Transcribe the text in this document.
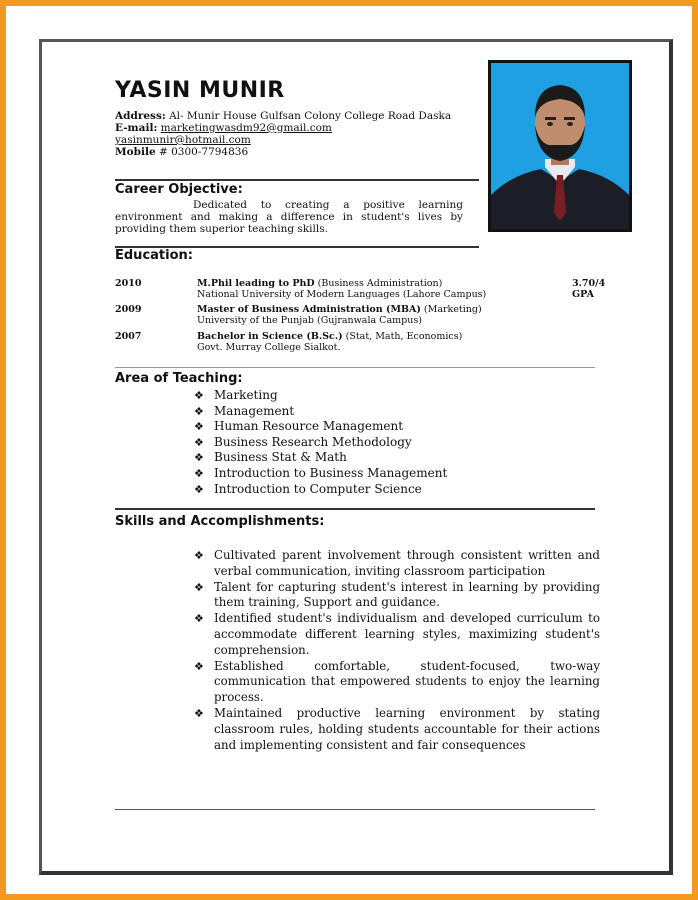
YASIN MUNIR
Address: Al- Munir House Gulfsan Colony College Road Daska
E-mail: marketingwasdm92@gmail.com
yasinmunir@hotmail.com
Mobile # 0300-7794836
Career Objective:
Dedicated to creating a positive learning environment and making a difference in student's lives by providing them superior teaching skills.
Education:
2010	M.Phil leading to PhD (Business Administration)	3.70/4 GPA
National University of Modern Languages (Lahore Campus)
2009	Master of Business Administration (MBA) (Marketing)
University of the Punjab (Gujranwala Campus)
2007	Bachelor in Science (B.Sc.) (Stat, Math, Economics)
Govt. Murray College Sialkot.
Area of Teaching:
❖ Marketing
❖ Management
❖ Human Resource Management
❖ Business Research Methodology
❖ Business Stat & Math
❖ Introduction to Business Management
❖ Introduction to Computer Science
Skills and Accomplishments:
❖ Cultivated parent involvement through consistent written and verbal communication, inviting classroom participation
❖ Talent for capturing student's interest in learning by providing them training, Support and guidance.
❖ Identified student's individualism and developed curriculum to accommodate different learning styles, maximizing student's comprehension.
❖ Established comfortable, student-focused, two-way communication that empowered students to enjoy the learning process.
❖ Maintained productive learning environment by stating classroom rules, holding students accountable for their actions and implementing consistent and fair consequences
